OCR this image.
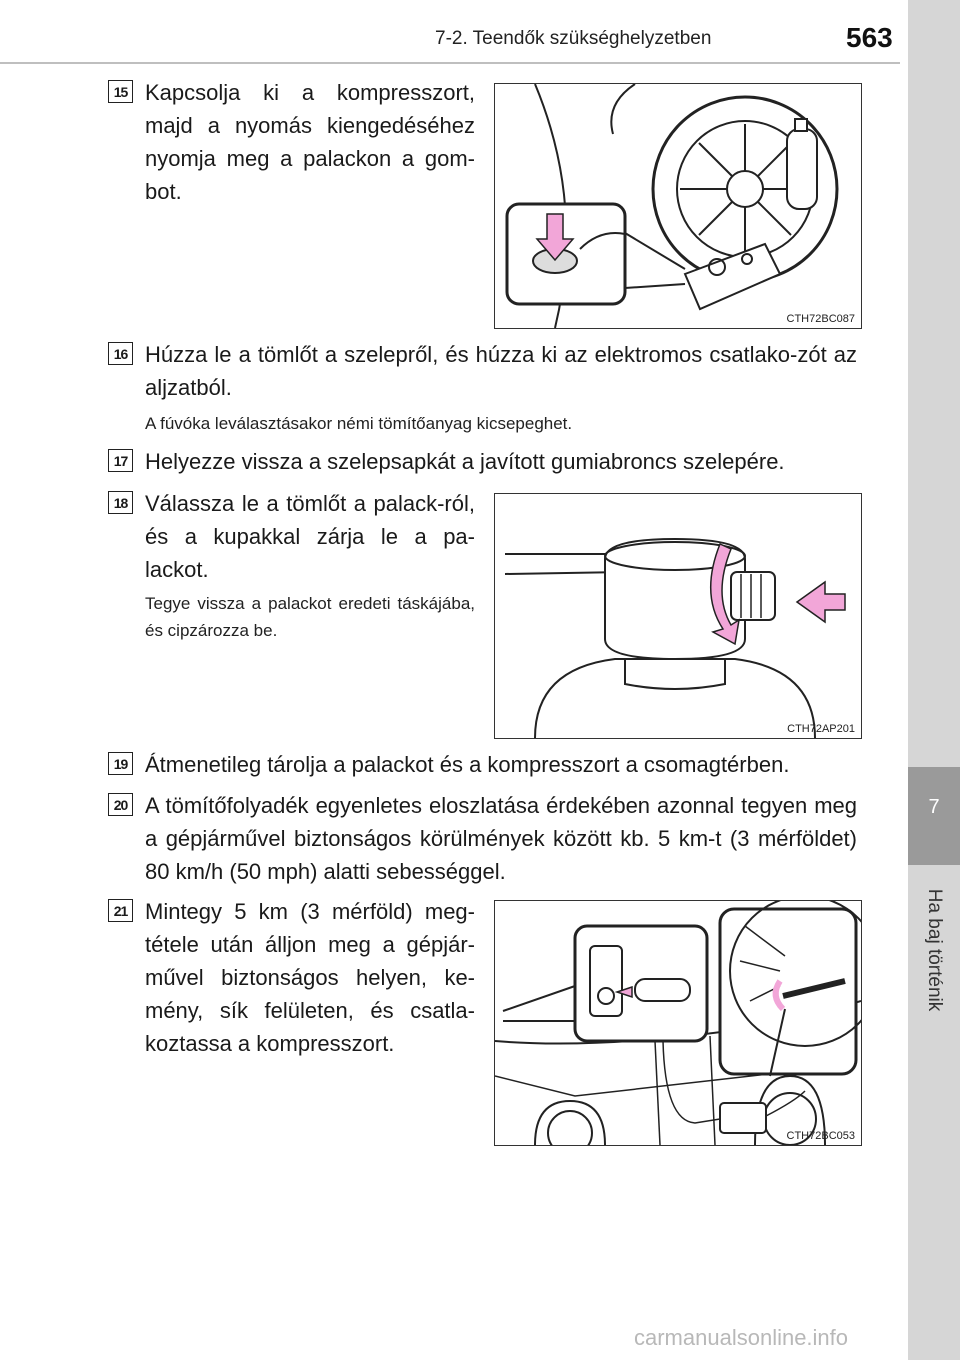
7-2. Teendők szükséghelyzetben	563
7
Ha baj történik
15 Kapcsolja ki a kompresszort, majd a nyomás kiengedéséhez nyomja meg a palackon a gom-bot.
CTH72BC087
16 Húzza le a tömlőt a szelepről, és húzza ki az elektromos csatlako-zót az aljzatból.
A fúvóka leválasztásakor némi tömítőanyag kicsepeghet.
17 Helyezze vissza a szelepsapkát a javított gumiabroncs szelepére.
18 Válassza le a tömlőt a palack-ról, és a kupakkal zárja le a pa-lackot.
Tegye vissza a palackot eredeti táskájába, és cipzározza be.
CTH72AP201
19 Átmenetileg tárolja a palackot és a kompresszort a csomagtérben.
20 A tömítőfolyadék egyenletes eloszlatása érdekében azonnal tegyen meg a gépjárművel biztonságos körülmények között kb. 5 km-t (3 mérföldet) 80 km/h (50 mph) alatti sebességgel.
21 Mintegy 5 km (3 mérföld) meg-tétele után álljon meg a gépjár-művel biztonságos helyen, ke-mény, sík felületen, és csatla-koztassa a kompresszort.
CTH72BC053
carmanualsonline.info
